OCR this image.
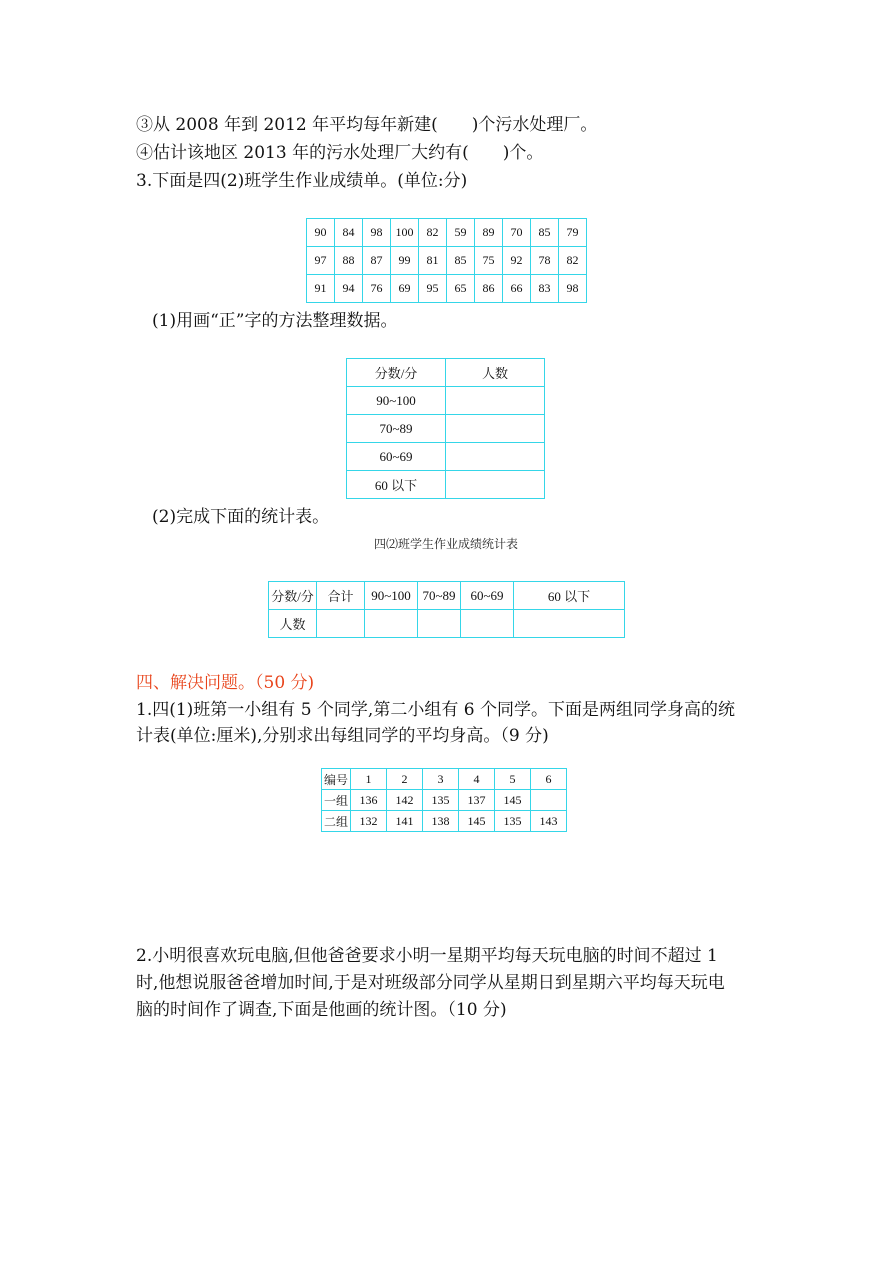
③从 2008 年到 2012 年平均每年新建(　　)个污水处理厂。
④估计该地区 2013 年的污水处理厂大约有(　　)个。
3.下面是四(2)班学生作业成绩单。(单位:分)
90	84	98	100	82	59	89	70	85	79
97	88	87	99	81	85	75	92	78	82
91	94	76	69	95	65	86	66	83	98
(1)用画“正”字的方法整理数据。
分数/分	人数
90~100	
70~89	
60~69	
60 以下	
(2)完成下面的统计表。
四⑵班学生作业成绩统计表
分数/分	合计	90~100	70~89	60~69	60 以下
人数					
四、解决问题。（50 分)
1.四(1)班第一小组有 5 个同学,第二小组有 6 个同学。下面是两组同学身高的统
计表(单位:厘米),分别求出每组同学的平均身高。（9 分)
编号	1	2	3	4	5	6
一组	136	142	135	137	145	
二组	132	141	138	145	135	143
2.小明很喜欢玩电脑,但他爸爸要求小明一星期平均每天玩电脑的时间不超过 1
时,他想说服爸爸增加时间,于是对班级部分同学从星期日到星期六平均每天玩电
脑的时间作了调查,下面是他画的统计图。（10 分)
